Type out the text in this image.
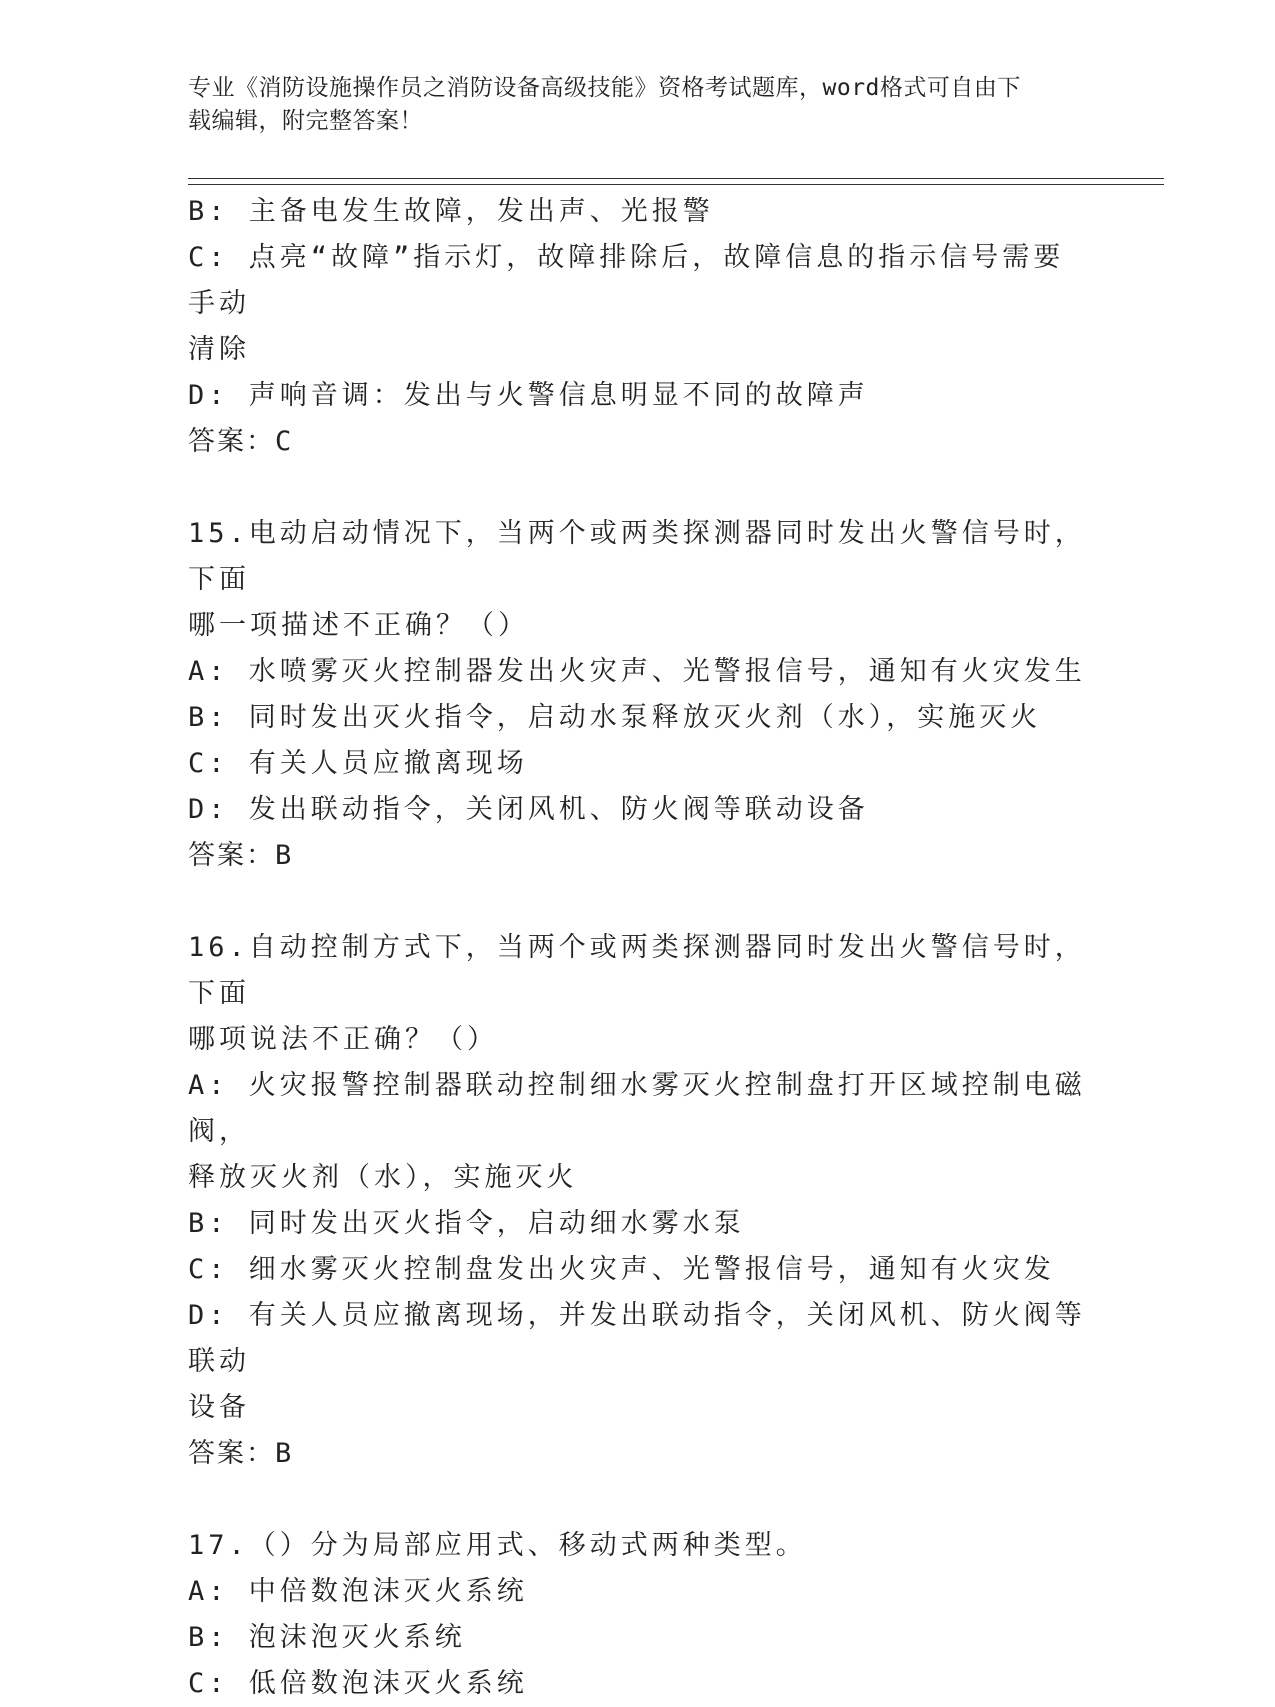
专业《消防设施操作员之消防设备高级技能》资格考试题库，word格式可自由下
载编辑，附完整答案！
B: 主备电发生故障，发出声、光报警
C: 点亮“故障”指示灯，故障排除后，故障信息的指示信号需要手动
清除
D: 声响音调：发出与火警信息明显不同的故障声
答案：C
15.电动启动情况下，当两个或两类探测器同时发出火警信号时，下面
哪一项描述不正确？（）
A: 水喷雾灭火控制器发出火灾声、光警报信号，通知有火灾发生
B: 同时发出灭火指令，启动水泵释放灭火剂（水），实施灭火
C: 有关人员应撤离现场
D: 发出联动指令，关闭风机、防火阀等联动设备
答案：B
16.自动控制方式下，当两个或两类探测器同时发出火警信号时，下面
哪项说法不正确？（）
A: 火灾报警控制器联动控制细水雾灭火控制盘打开区域控制电磁阀，
释放灭火剂（水），实施灭火
B: 同时发出灭火指令，启动细水雾水泵
C: 细水雾灭火控制盘发出火灾声、光警报信号，通知有火灾发
D: 有关人员应撤离现场，并发出联动指令，关闭风机、防火阀等联动
设备
答案：B
17.（）分为局部应用式、移动式两种类型。
A: 中倍数泡沫灭火系统
B: 泡沫泡灭火系统
C: 低倍数泡沫灭火系统
